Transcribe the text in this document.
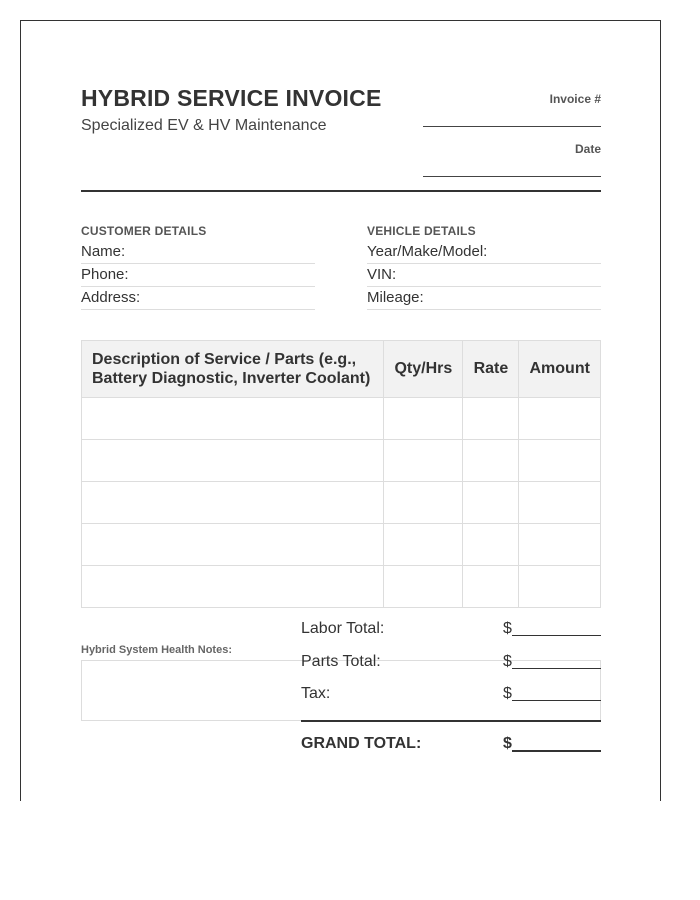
HYBRID SERVICE INVOICE
Specialized EV & HV Maintenance
Invoice #
Date
CUSTOMER DETAILS
Name:
Phone:
Address:
VEHICLE DETAILS
Year/Make/Model:
VIN:
Mileage:
Description of Service / Parts (e.g., Battery Diagnostic, Inverter Coolant)	Qty/Hrs	Rate	Amount

Hybrid System Health Notes:
Labor Total:	$
Parts Total:	$
Tax:	$
GRAND TOTAL:	$
